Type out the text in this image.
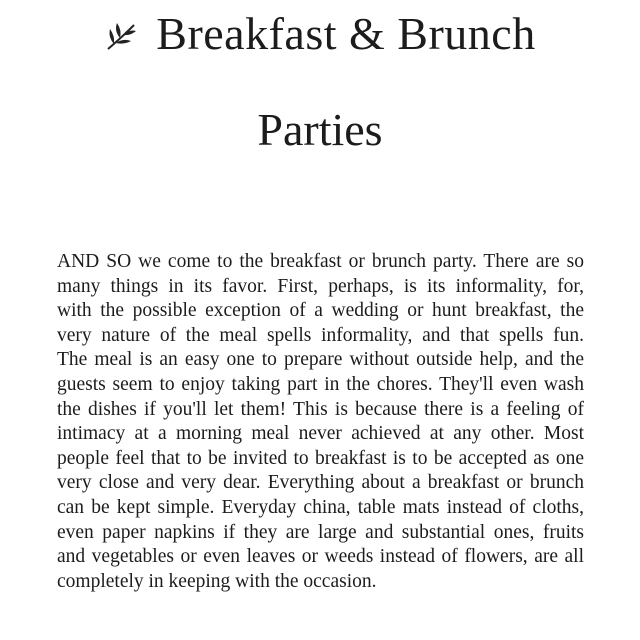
Breakfast & Brunch
Parties
AND SO we come to the breakfast or brunch party. There are so
many things in its favor. First, perhaps, is its informality, for,
with the possible exception of a wedding or hunt breakfast, the
very nature of the meal spells informality, and that spells fun.
The meal is an easy one to prepare without outside help, and the
guests seem to enjoy taking part in the chores. They'll even wash
the dishes if you'll let them! This is because there is a feeling of
intimacy at a morning meal never achieved at any other. Most
people feel that to be invited to breakfast is to be accepted as one
very close and very dear. Everything about a breakfast or brunch
can be kept simple. Everyday china, table mats instead of cloths,
even paper napkins if they are large and substantial ones, fruits
and vegetables or even leaves or weeds instead of flowers, are all
completely in keeping with the occasion.
